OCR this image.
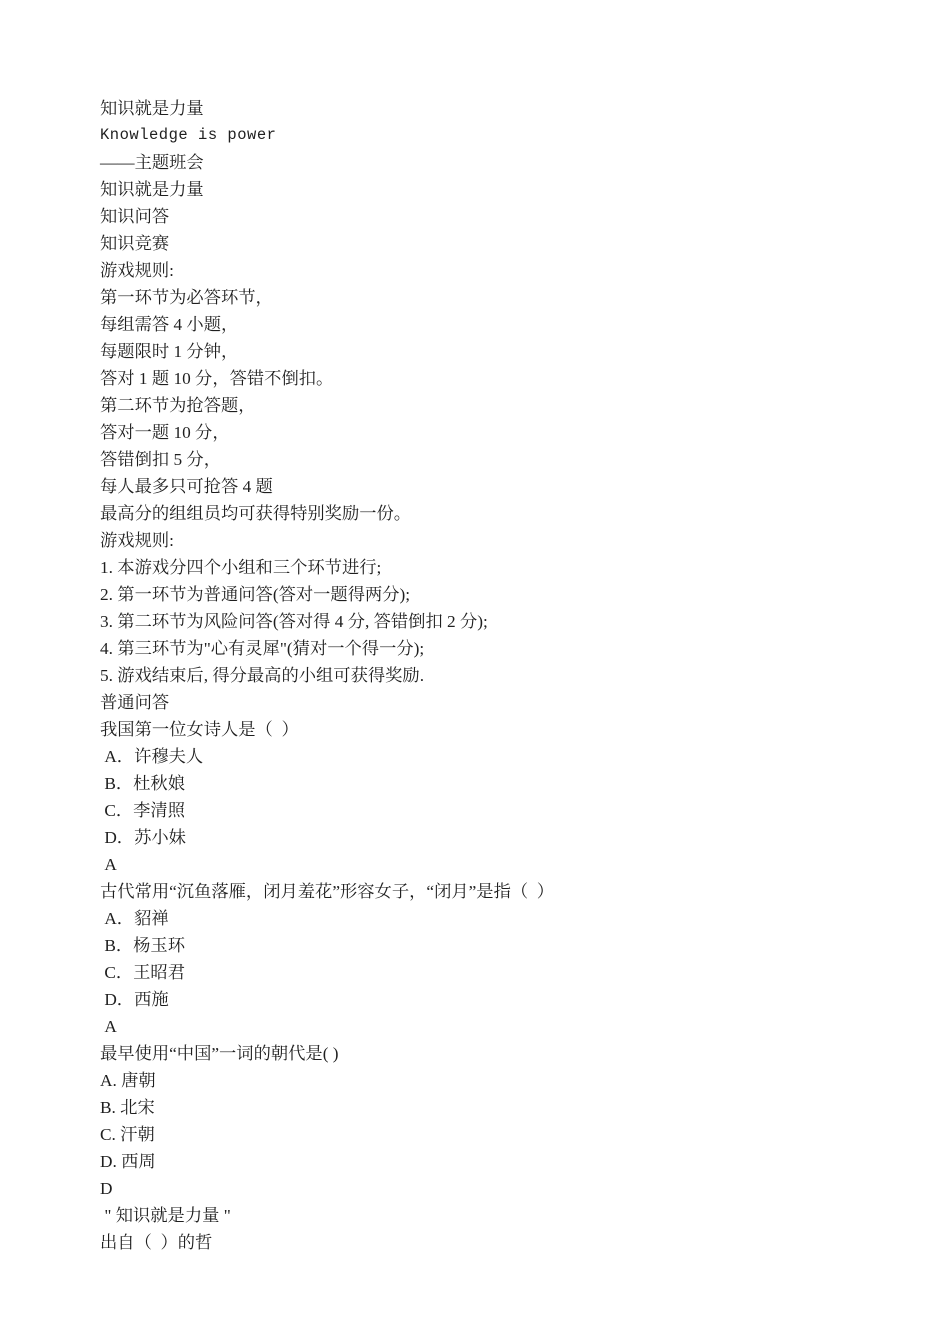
知识就是力量
Knowledge is power
——主题班会
知识就是力量
知识问答
知识竞赛
游戏规则:
第一环节为必答环节，
每组需答 4 小题，
每题限时 1 分钟，
答对 1 题 10 分，答错不倒扣。
第二环节为抢答题，
答对一题 10 分，
答错倒扣 5 分，
每人最多只可抢答 4 题
最高分的组组员均可获得特别奖励一份。
游戏规则:
1. 本游戏分四个小组和三个环节进行;
2. 第一环节为普通问答(答对一题得两分);
3. 第二环节为风险问答(答对得 4 分, 答错倒扣 2 分);
4. 第三环节为"心有灵犀"(猜对一个得一分);
5. 游戏结束后, 得分最高的小组可获得奖励.
普通问答
我国第一位女诗人是（  ）
A．许穆夫人
B．杜秋娘
C．李清照
D．苏小妹
A
古代常用“沉鱼落雁，闭月羞花”形容女子，“闭月”是指（  ）
A．貂禅
B．杨玉环
C．王昭君
D．西施
A
最早使用“中国”一词的朝代是( )
A. 唐朝
B. 北宋
C. 汗朝
D. 西周
D
" 知识就是力量 "
出自（  ）的哲
